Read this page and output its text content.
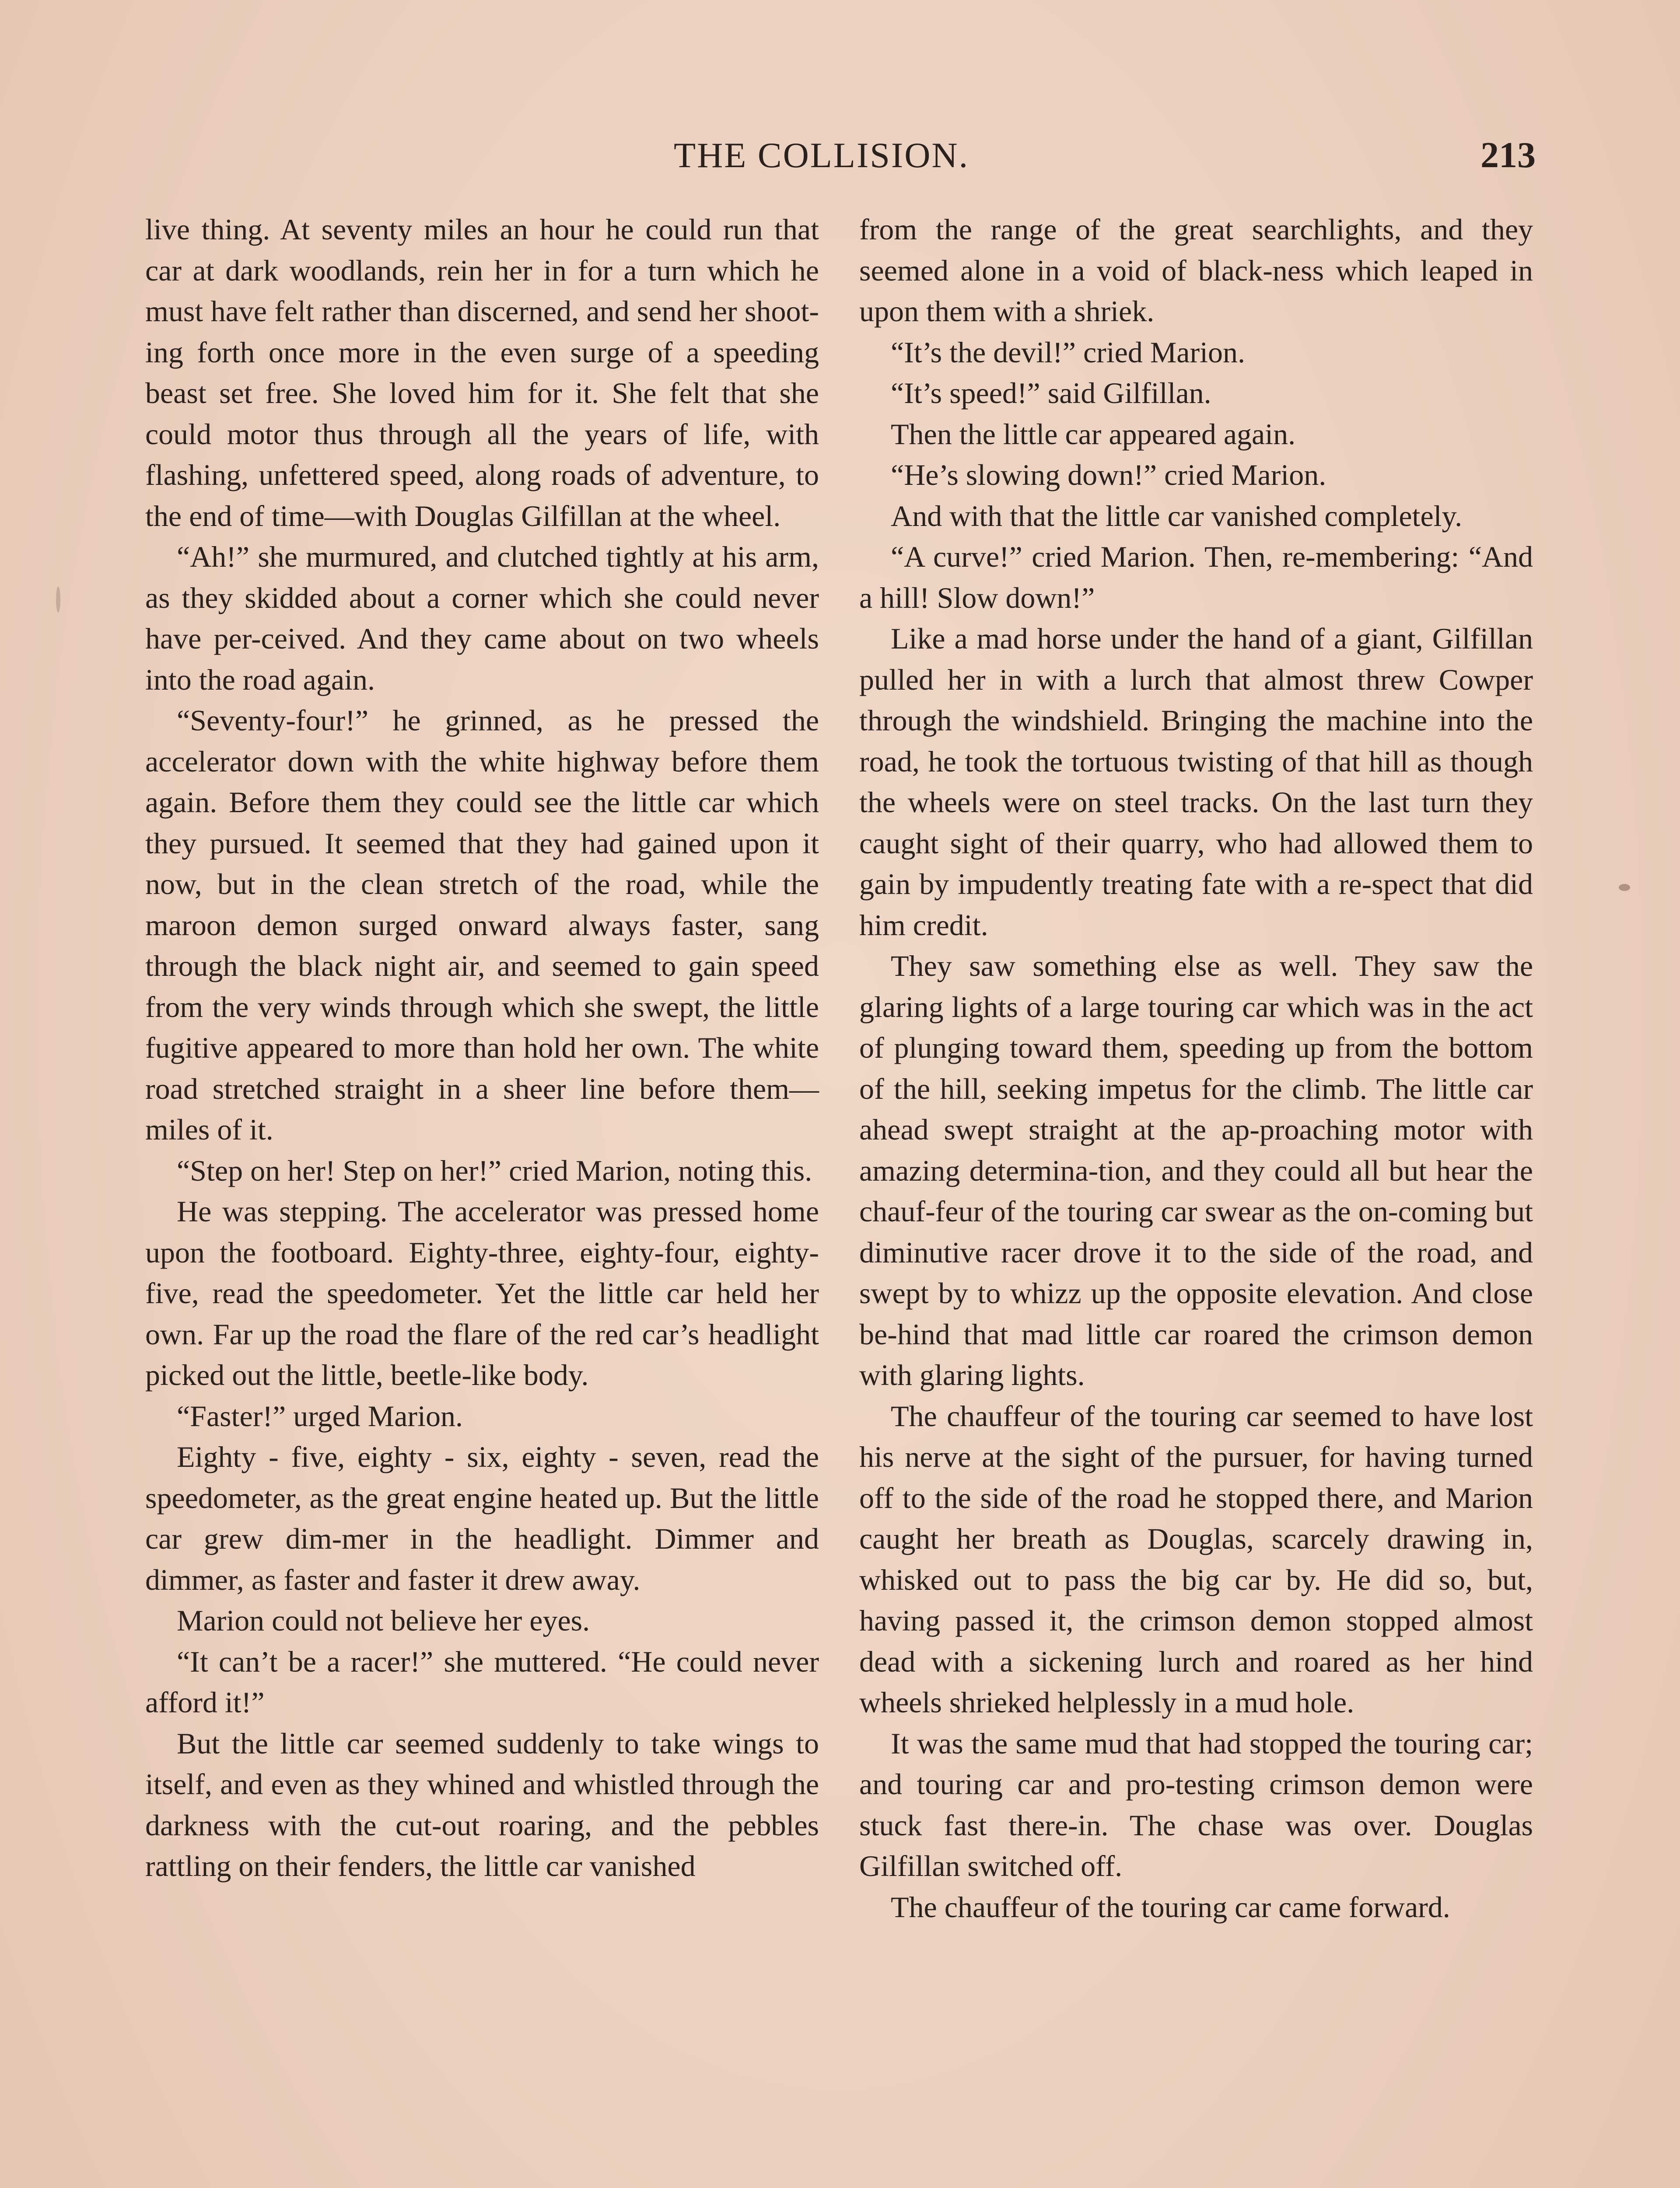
THE COLLISION.	213

live thing. At seventy miles an hour he could run that car at dark woodlands, rein her in for a turn which he must have felt rather than discerned, and send her shoot-ing forth once more in the even surge of a speeding beast set free. She loved him for it. She felt that she could motor thus through all the years of life, with flashing, unfettered speed, along roads of adventure, to the end of time—with Douglas Gilfillan at the wheel.

“Ah!” she murmured, and clutched tightly at his arm, as they skidded about a corner which she could never have per-ceived. And they came about on two wheels into the road again.

“Seventy-four!” he grinned, as he pressed the accelerator down with the white highway before them again. Before them they could see the little car which they pursued. It seemed that they had gained upon it now, but in the clean stretch of the road, while the maroon demon surged onward always faster, sang through the black night air, and seemed to gain speed from the very winds through which she swept, the little fugitive appeared to more than hold her own. The white road stretched straight in a sheer line before them—miles of it.

“Step on her! Step on her!” cried Marion, noting this.

He was stepping. The accelerator was pressed home upon the footboard. Eighty-three, eighty-four, eighty-five, read the speedometer. Yet the little car held her own. Far up the road the flare of the red car’s headlight picked out the little, beetle-like body.

“Faster!” urged Marion.

Eighty - five, eighty - six, eighty - seven, read the speedometer, as the great engine heated up. But the little car grew dim-mer in the headlight. Dimmer and dimmer, as faster and faster it drew away.

Marion could not believe her eyes.

“It can’t be a racer!” she muttered. “He could never afford it!”

But the little car seemed suddenly to take wings to itself, and even as they whined and whistled through the darkness with the cut-out roaring, and the pebbles rattling on their fenders, the little car vanished

from the range of the great searchlights, and they seemed alone in a void of black-ness which leaped in upon them with a shriek.

“It’s the devil!” cried Marion.

“It’s speed!” said Gilfillan.

Then the little car appeared again.

“He’s slowing down!” cried Marion.

And with that the little car vanished completely.

“A curve!” cried Marion. Then, re-membering: “And a hill! Slow down!”

Like a mad horse under the hand of a giant, Gilfillan pulled her in with a lurch that almost threw Cowper through the windshield. Bringing the machine into the road, he took the tortuous twisting of that hill as though the wheels were on steel tracks. On the last turn they caught sight of their quarry, who had allowed them to gain by impudently treating fate with a re-spect that did him credit.

They saw something else as well. They saw the glaring lights of a large touring car which was in the act of plunging toward them, speeding up from the bottom of the hill, seeking impetus for the climb. The little car ahead swept straight at the ap-proaching motor with amazing determina-tion, and they could all but hear the chauf-feur of the touring car swear as the on-coming but diminutive racer drove it to the side of the road, and swept by to whizz up the opposite elevation. And close be-hind that mad little car roared the crimson demon with glaring lights.

The chauffeur of the touring car seemed to have lost his nerve at the sight of the pursuer, for having turned off to the side of the road he stopped there, and Marion caught her breath as Douglas, scarcely drawing in, whisked out to pass the big car by. He did so, but, having passed it, the crimson demon stopped almost dead with a sickening lurch and roared as her hind wheels shrieked helplessly in a mud hole.

It was the same mud that had stopped the touring car; and touring car and pro-testing crimson demon were stuck fast there-in. The chase was over. Douglas Gilfillan switched off.

The chauffeur of the touring car came forward.
